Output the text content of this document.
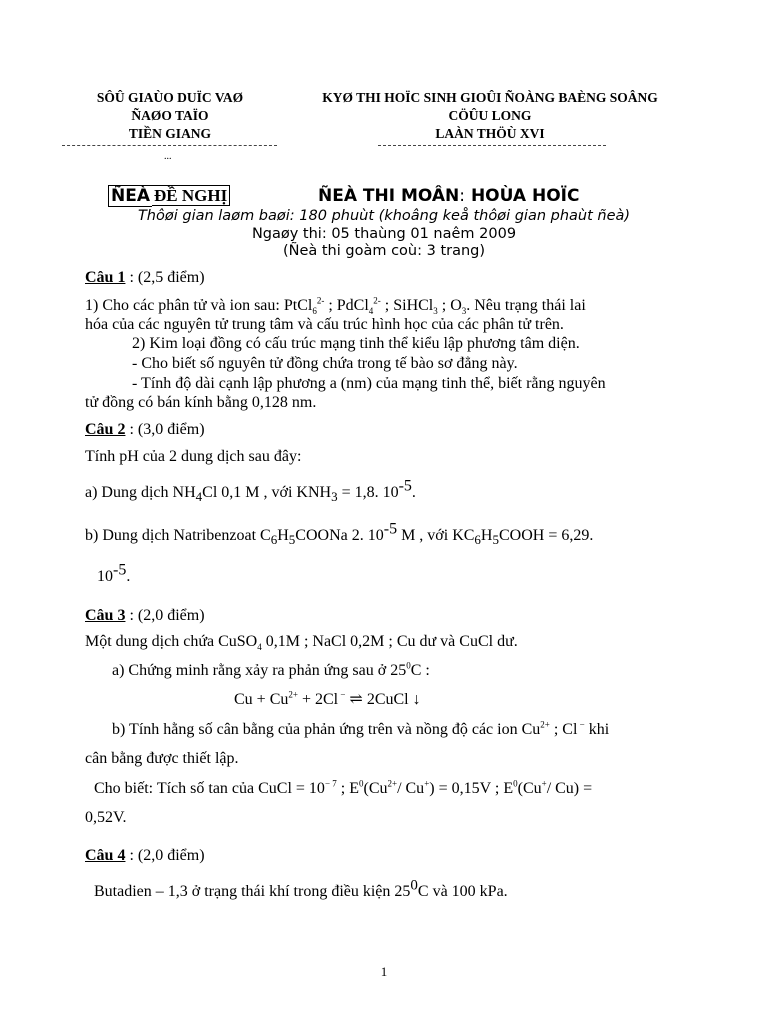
SÔÛ GIAÙO DUÏC VAØ
ÑAØO TAÏO
TIỀN GIANG
...
KYØ THI HOÏC SINH GIOÛI ÑOÀNG BAÈNG SOÂNG
CÖÛU LONG
LAÀN THÖÙ XVI
ÑEÀ ĐỀ NGHỊ	ÑEÀ THI MOÂN: HOÙA HOÏC
Thôøi gian laøm baøi: 180 phuùt (khoâng keå thôøi gian phaùt ñeà)
Ngaøy thi: 05 thaùng 01 naêm 2009
(Ñeà thi goàm coù: 3 trang)
Câu 1 : (2,5 điểm)
1) Cho các phân tử và ion sau: PtCl$_6^{2-}$ ; PdCl$_4^{2-}$ ; SiHCl$_3$ ; $O_3$. Nêu trạng thái lai
hóa của các nguyên tử trung tâm và cấu trúc hình học của các phân tử trên.
2) Kim loại đồng có cấu trúc mạng tinh thể kiểu lập phương tâm diện.
- Cho biết số nguyên tử đồng chứa trong tế bào sơ đẳng này.
- Tính độ dài cạnh lập phương a (nm) của mạng tinh thể, biết rằng nguyên
tử đồng có bán kính bằng 0,128 nm.
Câu 2 : (3,0 điểm)
Tính pH của 2 dung dịch sau đây:
a) Dung dịch $NH_4Cl$ 0,1 M , với $KNH_3 = 1,8$. $10^{-5}$.
b) Dung dịch Natribenzoat $C_6H_5COONa$ 2. $10^{-5}$ M , với $KC_6H_5COOH = 6,29$.
$10^{-5}$.
Câu 3 : (2,0 điểm)
Một dung dịch chứa CuSO$_4$ 0,1M ; NaCl 0,2M ; Cu dư và CuCl dư.
a) Chứng minh rằng xảy ra phản ứng sau ở $25^0C$ :
$Cu + Cu^{2+} + 2Cl$ − ⇌ 2CuCl ↓
b) Tính hằng số cân bằng của phản ứng trên và nồng độ các ion $Cu^{2+}$ ; Cl − khi
cân bằng được thiết lập.
Cho biết: Tích số tan của CuCl = $10^{- 7}$ ; $E^0(Cu^{2+}/$ Cu+) = 0,15V ; $E^0(Cu^+/$ Cu) =
0,52V.
Câu 4 : (2,0 điểm)
Butadien – 1,3 ở trạng thái khí trong điều kiện $25^0C$ và 100 kPa.
1
